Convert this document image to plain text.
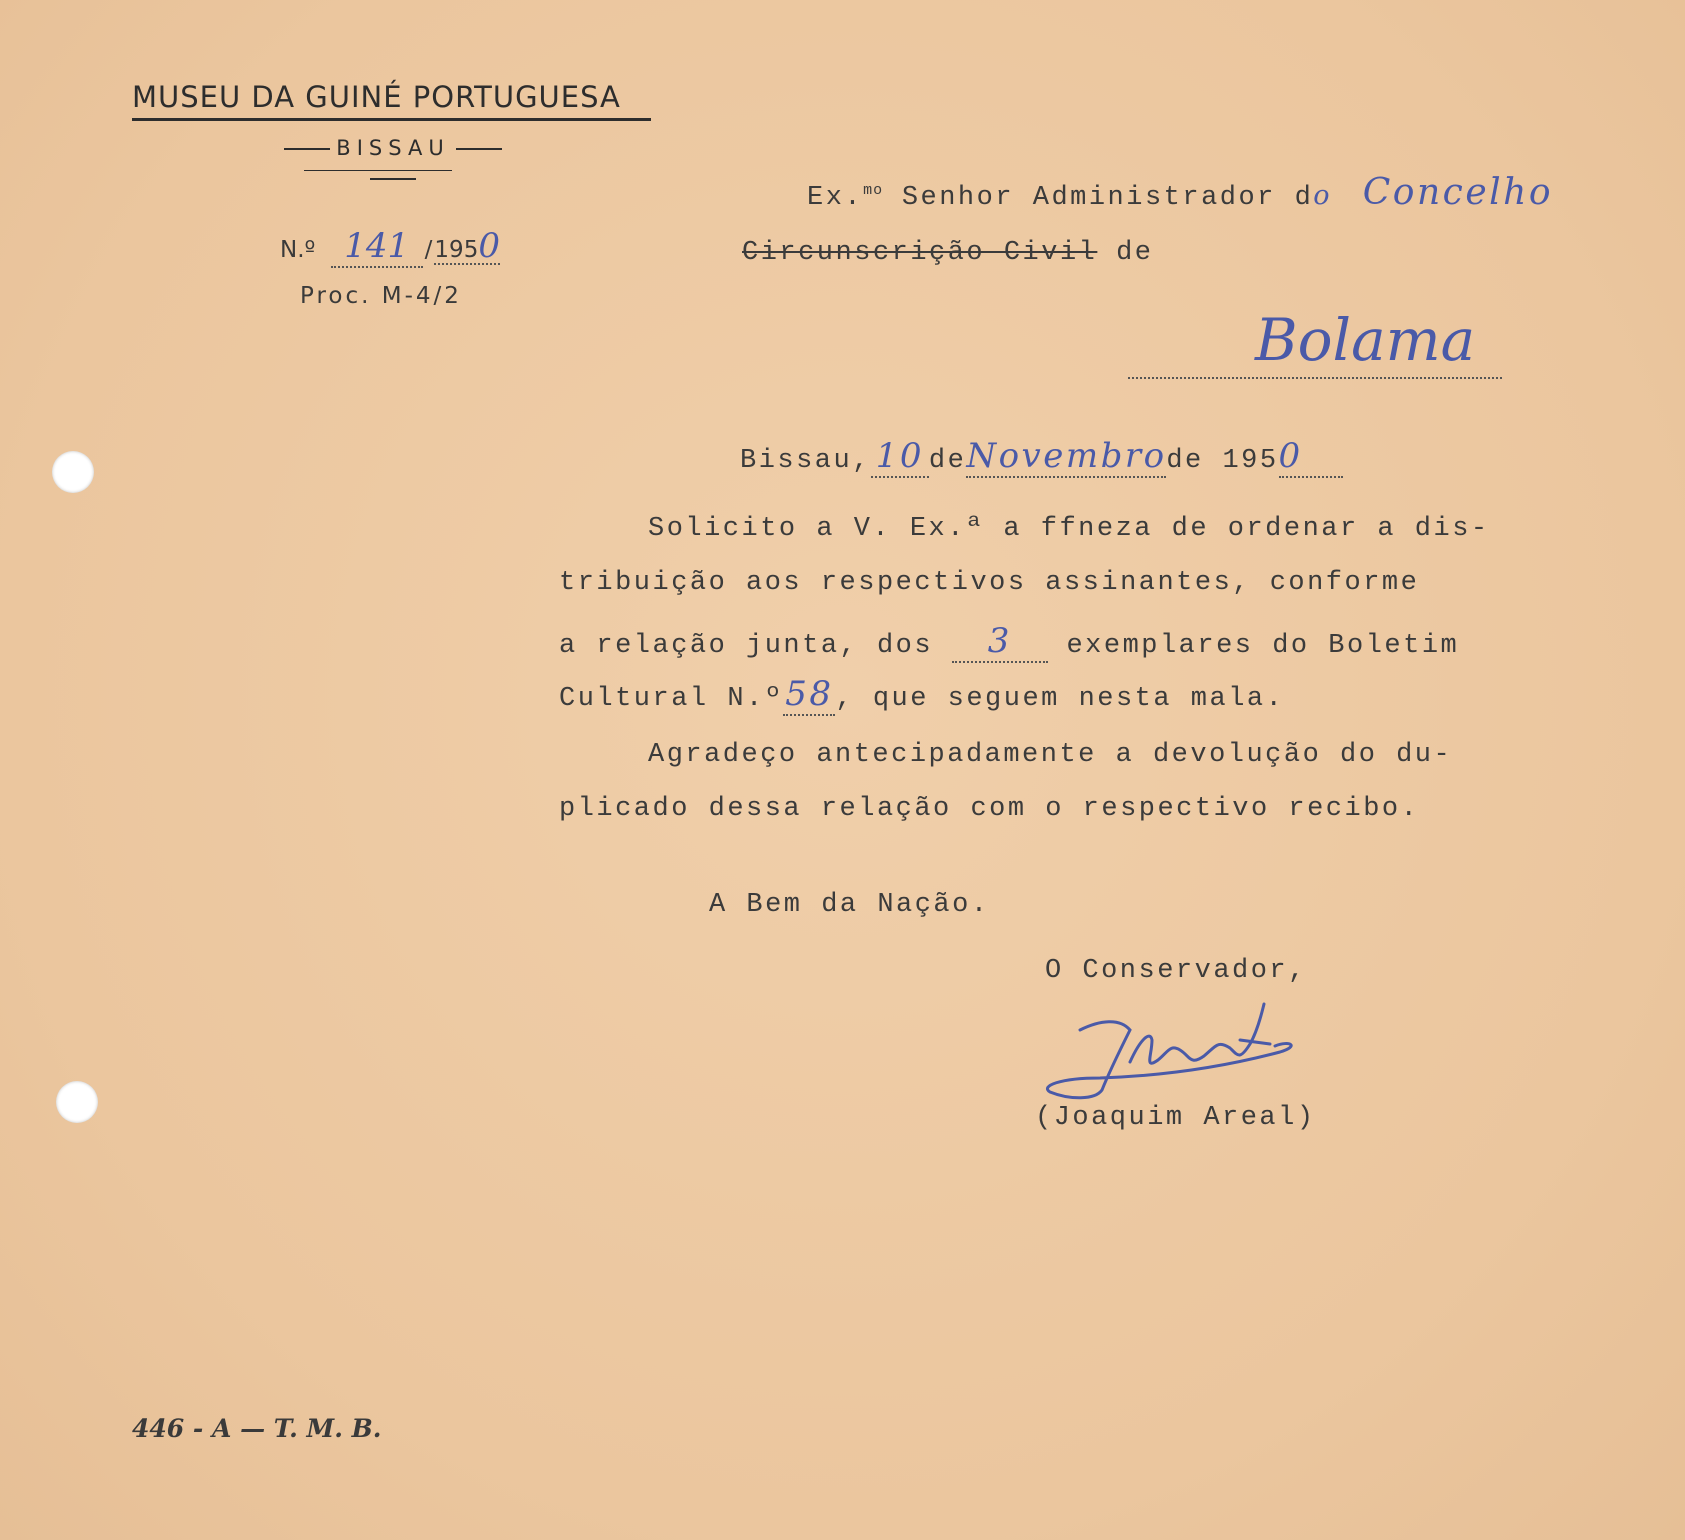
MUSEU DA GUINÉ PORTUGUESA
BISSAU
N.º 141 /1950
Proc. M-4/2
Ex.$^{mo}$ Senhor Administrador do Concelho
Circunscrição Civil de
Bolama
Bissau, 10 deNovembrode 1950
Solicito a V. Ex.ª a ffneza de ordenar a dis-
tribuição aos respectivos assinantes, conforme
a relação junta, dos 3 exemplares do Boletim
Cultural N.º58, que seguem nesta mala.
Agradeço antecipadamente a devolução do du-
plicado dessa relação com o respectivo recibo.
A Bem da Nação.
O Conservador,
(Joaquim Areal)
446 - A — T. M. B.
